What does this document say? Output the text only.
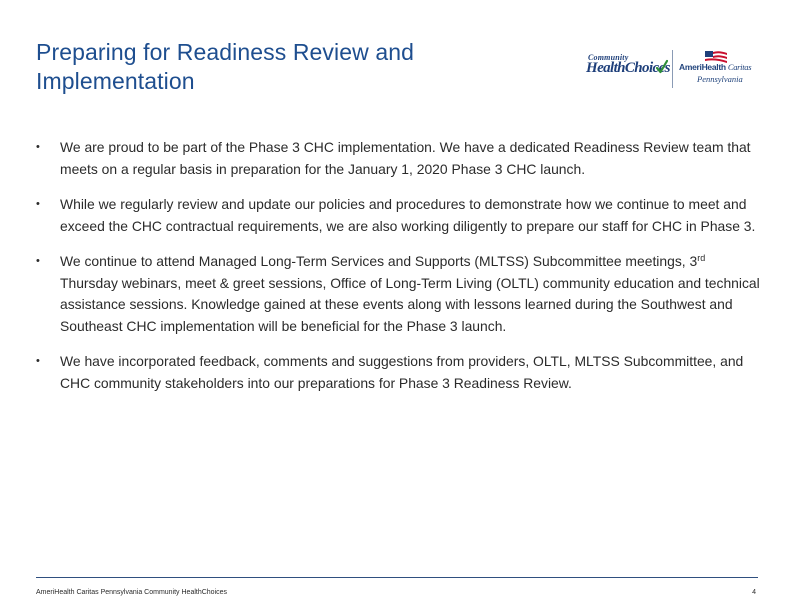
Preparing for Readiness Review and
Implementation
Community
HealthChoices AmeriHealth Caritas
Pennsylvania
• We are proud to be part of the Phase 3 CHC implementation. We have a dedicated Readiness Review team that meets on a regular basis in preparation for the January 1, 2020 Phase 3 CHC launch.
• While we regularly review and update our policies and procedures to demonstrate how we continue to meet and exceed the CHC contractual requirements, we are also working diligently to prepare our staff for CHC in Phase 3.
• We continue to attend Managed Long-Term Services and Supports (MLTSS) Subcommittee meetings, 3rd Thursday webinars, meet & greet sessions, Office of Long-Term Living (OLTL) community education and technical assistance sessions. Knowledge gained at these events along with lessons learned during the Southwest and Southeast CHC implementation will be beneficial for the Phase 3 launch.
• We have incorporated feedback, comments and suggestions from providers, OLTL, MLTSS Subcommittee, and CHC community stakeholders into our preparations for Phase 3 Readiness Review.
AmeriHealth Caritas Pennsylvania Community HealthChoices	4
